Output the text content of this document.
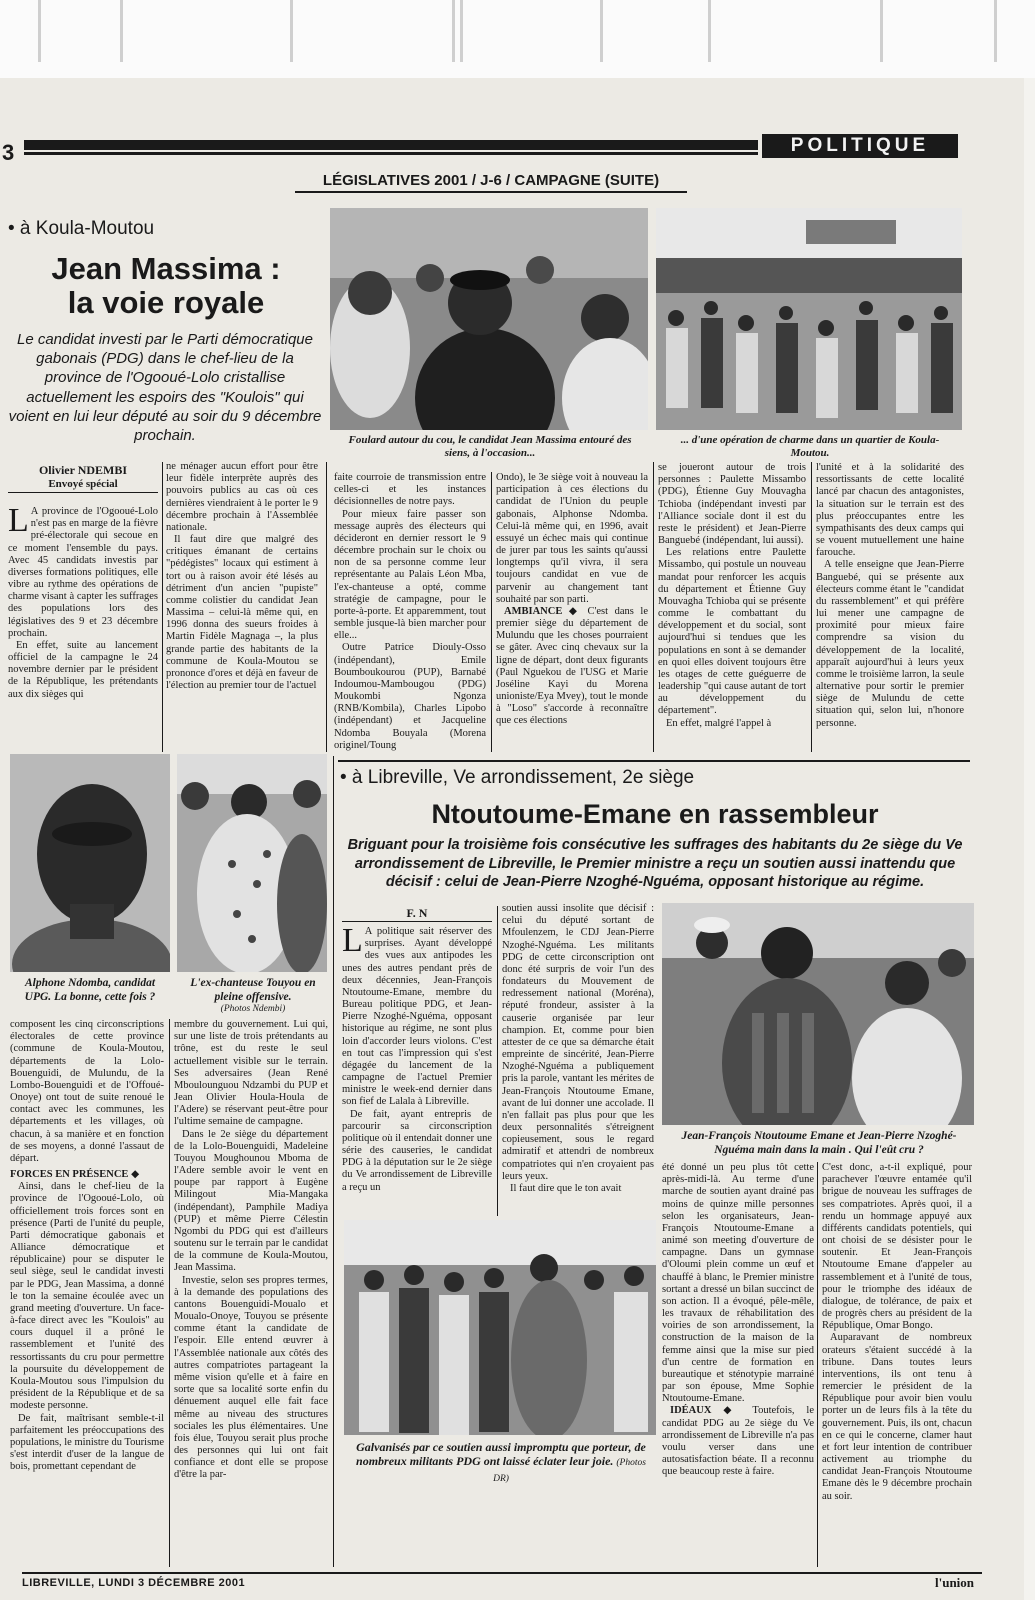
3	POLITIQUE
LÉGISLATIVES 2001 / J-6 / CAMPAGNE (SUITE)
• à Koula-Moutou
Jean Massima :
la voie royale
Le candidat investi par le Parti démocratique gabonais (PDG) dans le chef-lieu de la province de l'Ogooué-Lolo cristallise actuellement les espoirs des "Koulois" qui voient en lui leur député au soir du 9 décembre prochain.	Foulard autour du cou, le candidat Jean Massima entouré des siens, à l'occasion...
... d'une opération de charme dans un quartier de Koula-Moutou.
Olivier NDEMBI
Envoyé spécial

L A province de l'Ogooué-Lolo n'est pas en marge de la fièvre pré-électorale qui secoue en ce moment l'ensemble du pays. Avec 45 candidats investis par diverses formations politiques, elle vibre au rythme des opérations de charme visant à capter les suffrages des populations lors des législatives des 9 et 23 décembre prochain.

En effet, suite au lancement officiel de la campagne le 24 novembre dernier par le président de la République, les prétendants aux dix sièges qui

ne ménager aucun effort pour être leur fidèle interprète auprès des pouvoirs publics au cas où ces dernières viendraient à le porter le 9 décembre prochain à l'Assemblée nationale.

Il faut dire que malgré des critiques émanant de certains "pédégistes" locaux qui estiment à tort ou à raison avoir été lésés au détriment d'un ancien "pupiste" comme colistier du candidat Jean Massima – celui-là même qui, en 1996 donna des sueurs froides à Martin Fidèle Magnaga –, la plus grande partie des habitants de la commune de Koula-Moutou se prononce d'ores et déjà en faveur de l'élection au premier tour de l'actuel

faite courroie de transmission entre celles-ci et les instances décisionnelles de notre pays.

Pour mieux faire passer son message auprès des électeurs qui décideront en dernier ressort le 9 décembre prochain sur le choix ou non de sa personne comme leur représentante au Palais Léon Mba, l'ex-chanteuse a opté, comme stratégie de campagne, pour le porte-à-porte. Et apparemment, tout semble jusque-là bien marcher pour elle...

Outre Patrice Diouly-Osso (indépendant), Emile Boumboukourou (PUP), Barnabé Indoumou-Mambougou (PDG) Moukombi Ngonza (RNB/Kombila), Charles Lipobo (indépendant) et Jacqueline Ndomba Bouyala (Morena originel/Toung

Ondo), le 3e siège voit à nouveau la participation à ces élections du candidat de l'Union du peuple gabonais, Alphonse Ndomba. Celui-là même qui, en 1996, avait essuyé un échec mais qui continue de jurer par tous les saints qu'aussi longtemps qu'il vivra, il sera toujours candidat en vue de parvenir au changement tant souhaité par son parti.

AMBIANCE ◆ C'est dans le premier siège du département de Mulundu que les choses pourraient se gâter. Avec cinq chevaux sur la ligne de départ, dont deux figurants (Paul Nguekou de l'USG et Marie Joséline Kayi du Morena unioniste/Eya Mvey), tout le monde à "Loso" s'accorde à reconnaître que ces élections

se joueront autour de trois personnes : Paulette Missambo (PDG), Étienne Guy Mouvagha Tchioba (indépendant investi par l'Alliance sociale dont il est du reste le président) et Jean-Pierre Banguebé (indépendant, lui aussi).

Les relations entre Paulette Missambo, qui postule un nouveau mandat pour renforcer les acquis du département et Étienne Guy Mouvagha Tchioba qui se présente comme le combattant du développement et du social, sont aujourd'hui si tendues que les populations en sont à se demander en quoi elles doivent toujours être les otages de cette guéguerre de leadership "qui cause autant de tort au développement du département".

En effet, malgré l'appel à

l'unité et à la solidarité des ressortissants de cette localité lancé par chacun des antagonistes, la situation sur le terrain est des plus préoccupantes entre les sympathisants des deux camps qui se vouent mutuellement une haine farouche.

A telle enseigne que Jean-Pierre Banguebé, qui se présente aux électeurs comme étant le "candidat du rassemblement" et qui préfère lui mener une campagne de proximité pour mieux faire comprendre sa vision du développement de la localité, apparaît aujourd'hui à leurs yeux comme le troisième larron, la seule alternative pour sortir le premier siège de Mulundu de cette situation qui, selon lui, n'honore personne.

Alphone Ndomba, candidat UPG. La bonne, cette fois ?
L'ex-chanteuse Touyou en pleine offensive.
(Photos Ndembi)

composent les cinq circonscriptions électorales de cette province (commune de Koula-Moutou, départements de la Lolo-Bouenguidi, de Mulundu, de la Lombo-Bouenguidi et de l'Offoué-Onoye) ont tout de suite renoué le contact avec les communes, les départements et les villages, où chacun, à sa manière et en fonction de ses moyens, a donné l'assaut de départ.

FORCES EN PRÉSENCE ◆

Ainsi, dans le chef-lieu de la province de l'Ogooué-Lolo, où officiellement trois forces sont en présence (Parti de l'unité du peuple, Parti démocratique gabonais et Alliance démocratique et républicaine) pour se disputer le seul siège, seul le candidat investi par le PDG, Jean Massima, a donné le ton la semaine écoulée avec un grand meeting d'ouverture. Un face-à-face direct avec les "Koulois" au cours duquel il a prôné le rassemblement et l'unité des ressortissants du cru pour permettre la poursuite du développement de Koula-Moutou sous l'impulsion du président de la République et de sa modeste personne.

De fait, maîtrisant semble-t-il parfaitement les préoccupations des populations, le ministre du Tourisme s'est interdit d'user de la langue de bois, promettant cependant de

membre du gouvernement. Lui qui, sur une liste de trois prétendants au trône, est du reste le seul actuellement visible sur le terrain. Ses adversaires (Jean René Mboulounguou Ndzambi du PUP et Jean Olivier Houla-Houla de l'Adere) se réservant peut-être pour l'ultime semaine de campagne.

Dans le 2e siège du département de la Lolo-Bouenguidi, Madeleine Touyou Moughounou Mboma de l'Adere semble avoir le vent en poupe par rapport à Eugène Milingout Mia-Mangaka (indépendant), Pamphile Madiya (PUP) et même Pierre Célestin Ngombi du PDG qui est d'ailleurs soutenu sur le terrain par le candidat de la commune de Koula-Moutou, Jean Massima.

Investie, selon ses propres termes, à la demande des populations des cantons Bouenguidi-Moualo et Moualo-Onoye, Touyou se présente comme étant la candidate de l'espoir. Elle entend œuvrer à l'Assemblée nationale aux côtés des autres compatriotes partageant la même vision qu'elle et à faire en sorte que sa localité sorte enfin du dénuement auquel elle fait face même au niveau des structures sociales les plus élémentaires. Une fois élue, Touyou serait plus proche des personnes qui lui ont fait confiance et dont elle se propose d'être la par-

• à Libreville, Ve arrondissement, 2e siège
Ntoutoume-Emane en rassembleur
Briguant pour la troisième fois consécutive les suffrages des habitants du 2e siège du Ve arrondissement de Libreville, le Premier ministre a reçu un soutien aussi inattendu que décisif : celui de Jean-Pierre Nzoghé-Nguéma, opposant historique au régime.
F. N

L A politique sait réserver des surprises. Ayant développé des vues aux antipodes les unes des autres pendant près de deux décennies, Jean-François Ntoutoume-Emane, membre du Bureau politique PDG, et Jean-Pierre Nzoghé-Nguéma, opposant historique au régime, ne sont plus loin d'accorder leurs violons. C'est en tout cas l'impression qui s'est dégagée du lancement de la campagne de l'actuel Premier ministre le week-end dernier dans son fief de Lalala à Libreville.

De fait, ayant entrepris de parcourir sa circonscription politique où il entendait donner une série des causeries, le candidat PDG à la députation sur le 2e siège du Ve arrondissement de Libreville a reçu un

soutien aussi insolite que décisif : celui du député sortant de Mfoulenzem, le CDJ Jean-Pierre Nzoghé-Nguéma. Les militants PDG de cette circonscription ont donc été surpris de voir l'un des fondateurs du Mouvement de redressement national (Moréna), réputé frondeur, assister à la causerie organisée par leur champion. Et, comme pour bien attester de ce que sa démarche était empreinte de sincérité, Jean-Pierre Nzoghé-Nguéma a publiquement pris la parole, vantant les mérites de Jean-François Ntoutoume Emane, avant de lui donner une accolade. Il n'en fallait pas plus pour que les deux personnalités s'étreignent copieusement, sous le regard admiratif et attendri de nombreux compatriotes qui n'en croyaient pas leurs yeux.

Il faut dire que le ton avait

Jean-François Ntoutoume Emane et Jean-Pierre Nzoghé-Nguéma main dans la main . Qui l'eût cru ?
Galvanisés par ce soutien aussi impromptu que porteur, de nombreux militants PDG ont laissé éclater leur joie. (Photos DR)

été donné un peu plus tôt cette après-midi-là. Au terme d'une marche de soutien ayant drainé pas moins de quinze mille personnes selon les organisateurs, Jean-François Ntoutoume-Emane a animé son meeting d'ouverture de campagne. Dans un gymnase d'Oloumi plein comme un œuf et chauffé à blanc, le Premier ministre sortant a dressé un bilan succinct de son action. Il a évoqué, pêle-mêle, les travaux de réhabilitation des voiries de son arrondissement, la construction de la maison de la femme ainsi que la mise sur pied d'un centre de formation en bureautique et sténotypie marrainé par son épouse, Mme Sophie Ntoutoume-Emane.

IDÉAUX ◆ Toutefois, le candidat PDG au 2e siège du Ve arrondissement de Libreville n'a pas voulu verser dans une autosatisfaction béate. Il a reconnu que beaucoup reste à faire.

C'est donc, a-t-il expliqué, pour parachever l'œuvre entamée qu'il brigue de nouveau les suffrages de ses compatriotes. Après quoi, il a rendu un hommage appuyé aux différents candidats potentiels, qui ont choisi de se désister pour le soutenir. Et Jean-François Ntoutoume Emane d'appeler au rassemblement et à l'unité de tous, pour le triomphe des idéaux de dialogue, de tolérance, de paix et de progrès chers au président de la République, Omar Bongo.

Auparavant de nombreux orateurs s'étaient succédé à la tribune. Dans toutes leurs interventions, ils ont tenu à remercier le président de la République pour avoir bien voulu porter un de leurs fils à la tête du gouvernement. Puis, ils ont, chacun en ce qui le concerne, clamer haut et fort leur intention de contribuer activement au triomphe du candidat Jean-François Ntoutoume Emane dès le 9 décembre prochain au soir.

LIBREVILLE, LUNDI 3 DÉCEMBRE 2001	l'union
